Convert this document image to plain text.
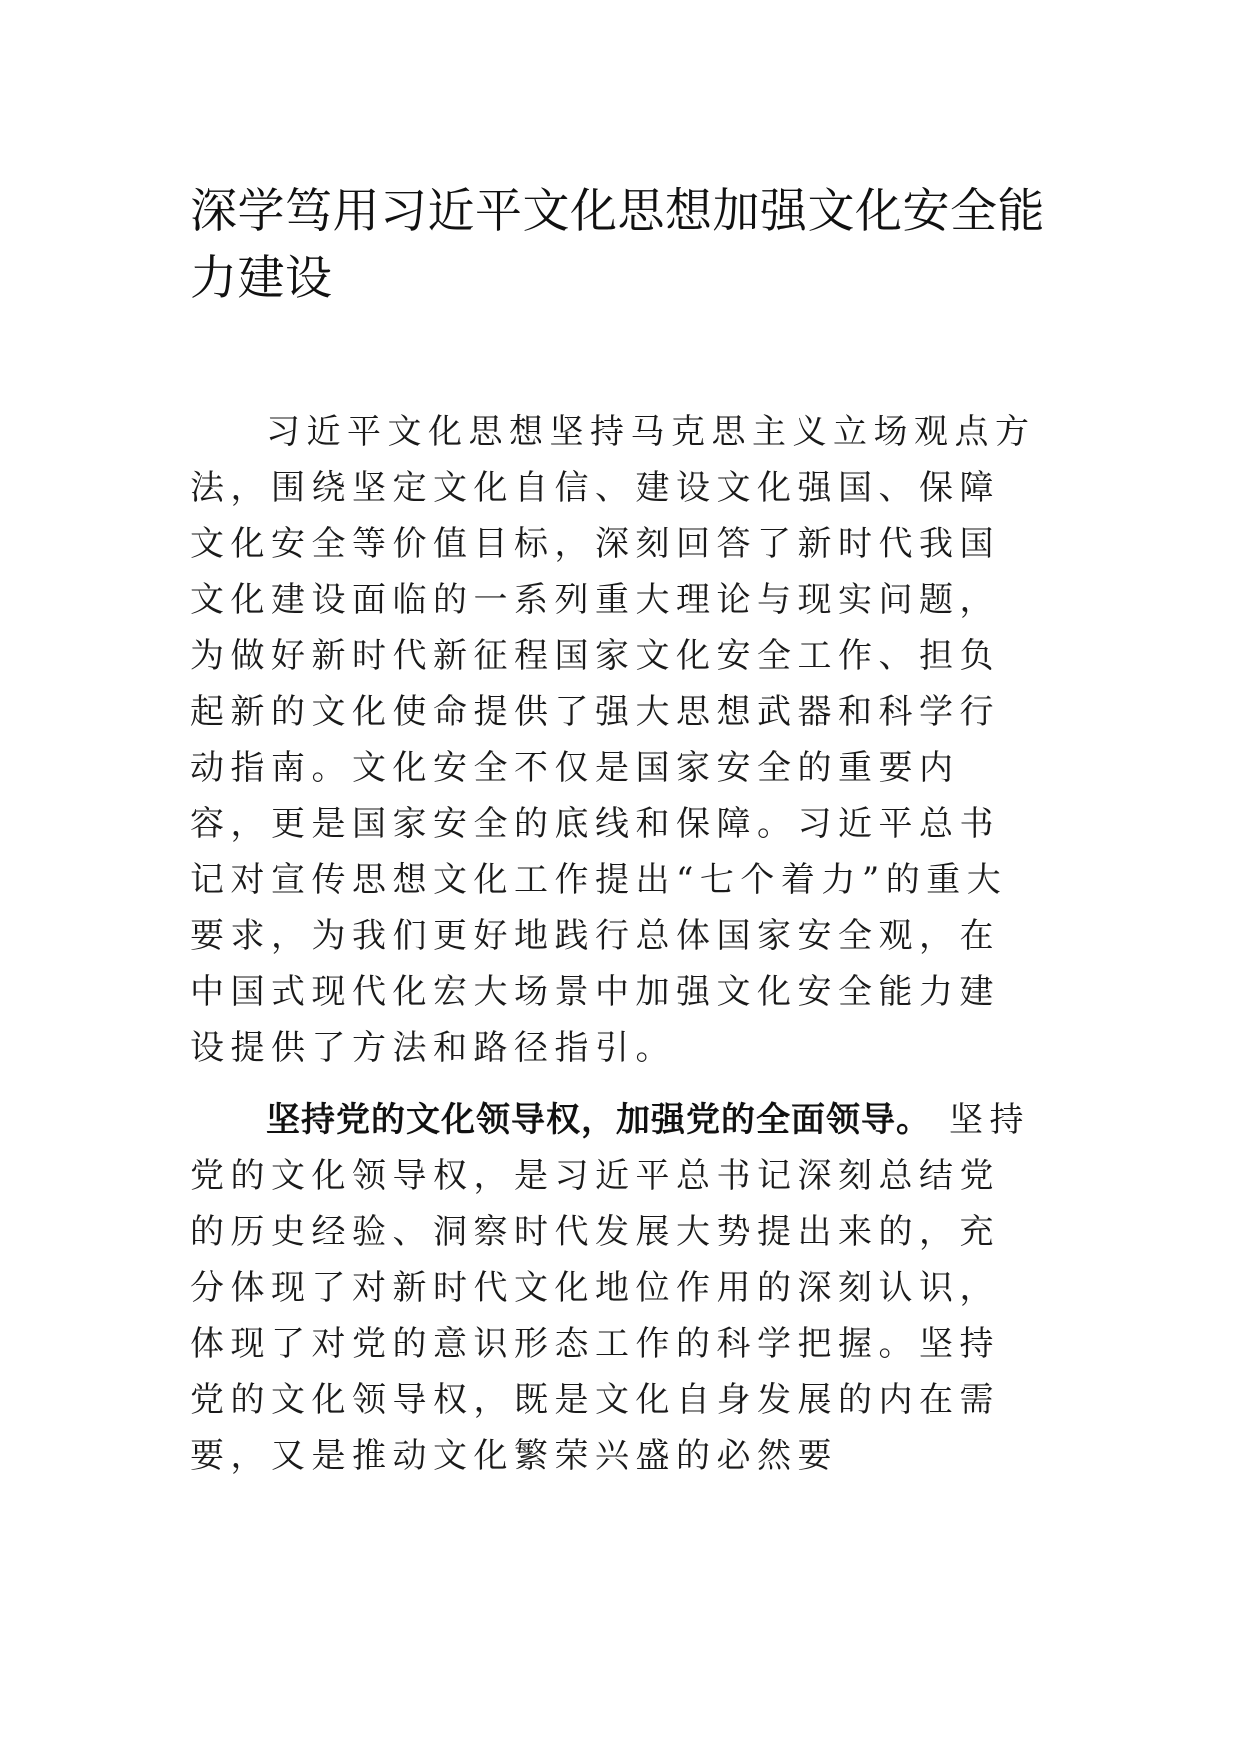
深学笃用习近平文化思想加强文化安全能力建设

习近平文化思想坚持马克思主义立场观点方法，围绕坚定文化自信、建设文化强国、保障文化安全等价值目标，深刻回答了新时代我国文化建设面临的一系列重大理论与现实问题，为做好新时代新征程国家文化安全工作、担负起新的文化使命提供了强大思想武器和科学行动指南。文化安全不仅是国家安全的重要内容，更是国家安全的底线和保障。习近平总书记对宣传思想文化工作提出“七个着力”的重大要求，为我们更好地践行总体国家安全观，在中国式现代化宏大场景中加强文化安全能力建设提供了方法和路径指引。

坚持党的文化领导权，加强党的全面领导。 坚持党的文化领导权，是习近平总书记深刻总结党的历史经验、洞察时代发展大势提出来的，充分体现了对新时代文化地位作用的深刻认识，体现了对党的意识形态工作的科学把握。坚持党的文化领导权，既是文化自身发展的内在需要，又是推动文化繁荣兴盛的必然要
